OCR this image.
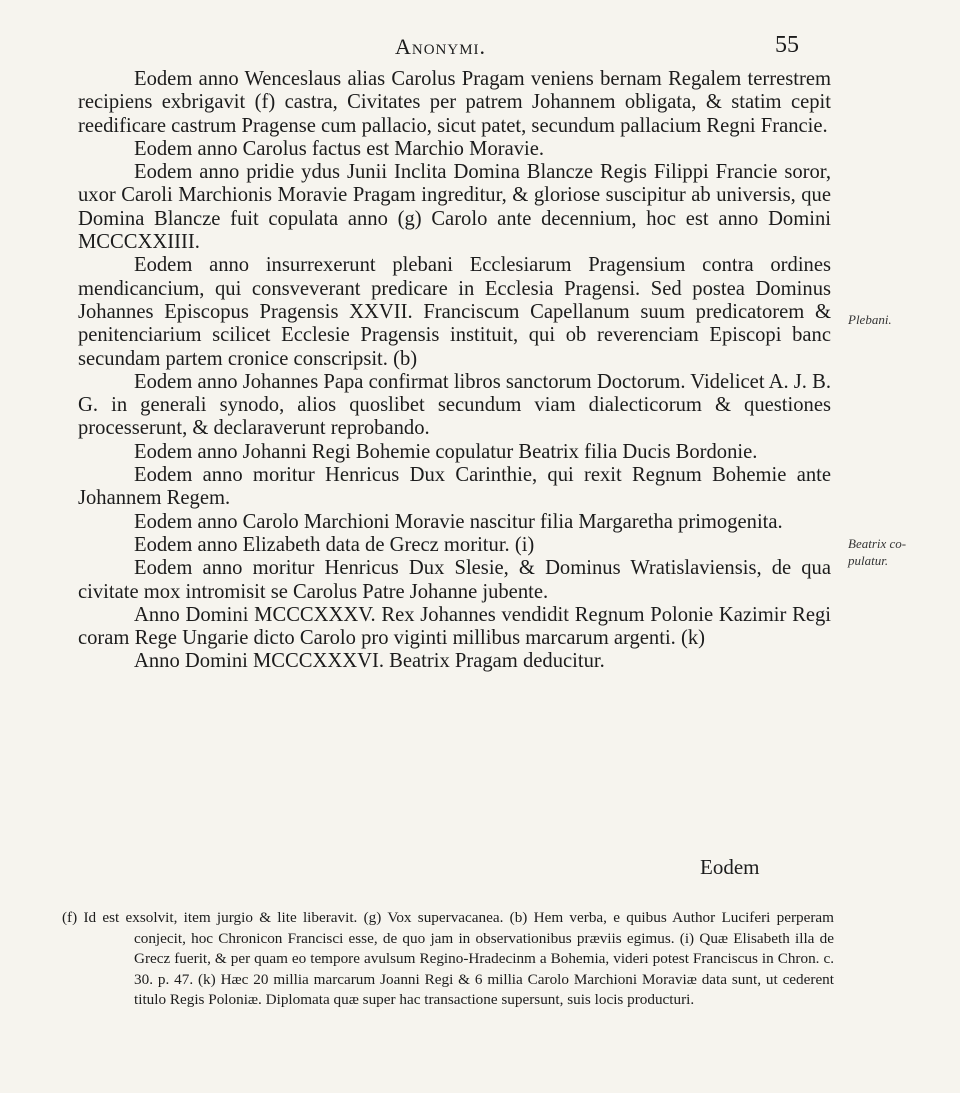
Anonymi.	55

Eodem anno Wenceslaus alias Carolus Pragam veniens bernam Regalem terrestrem recipiens exbrigavit (f) castra, Civitates per patrem Johannem obligata, & statim cepit reedificare castrum Pragense cum pallacio, sicut patet, secundum pallacium Regni Francie.

Eodem anno Carolus factus est Marchio Moravie.

Eodem anno pridie ydus Junii Inclita Domina Blancze Regis Filippi Francie soror, uxor Caroli Marchionis Moravie Pragam ingreditur, & gloriose suscipitur ab universis, que Domina Blancze fuit copulata anno (g) Carolo ante decennium, hoc est anno Domini MCCCXXIIII.

Eodem anno insurrexerunt plebani Ecclesiarum Pragensium contra ordines mendicancium, qui consveverant predicare in Ecclesia Pragensi. Sed postea Dominus Johannes Episcopus Pragensis XXVII. Franciscum Capellanum suum predicatorem & penitenciarium scilicet Ecclesie Pragensis instituit, qui ob reverenciam Episcopi banc secundam partem cronice conscripsit. (b)

Eodem anno Johannes Papa confirmat libros sanctorum Doctorum. Videlicet A. J. B. G. in generali synodo, alios quoslibet secundum viam dialecticorum & questiones processerunt, & declaraverunt reprobando.

Eodem anno Johanni Regi Bohemie copulatur Beatrix filia Ducis Bordonie.

Eodem anno moritur Henricus Dux Carinthie, qui rexit Regnum Bohemie ante Johannem Regem.

Eodem anno Carolo Marchioni Moravie nascitur filia Margaretha primogenita.

Eodem anno Elizabeth data de Grecz moritur. (i)

Eodem anno moritur Henricus Dux Slesie, & Dominus Wratislaviensis, de qua civitate mox intromisit se Carolus Patre Johanne jubente.

Anno Domini MCCCXXXV. Rex Johannes vendidit Regnum Polonie Kazimir Regi coram Rege Ungarie dicto Carolo pro viginti millibus marcarum argenti. (k)

Anno Domini MCCCXXXVI. Beatrix Pragam deducitur.

Eodem
Plebani.
Beatrix co-
pulatur.

(f) Id est exsolvit, item jurgio & lite liberavit. (g) Vox supervacanea. (b) Hem verba, e quibus Author Luciferi perperam conjecit, hoc Chronicon Francisci esse, de quo jam in observationibus præviis egimus. (i) Quæ Elisabeth illa de Grecz fuerit, & per quam eo tempore avulsum Regino-Hradecinm a Bohemia, videri potest Franciscus in Chron. c. 30. p. 47. (k) Hæc 20 millia marcarum Joanni Regi & 6 millia Carolo Marchioni Moraviæ data sunt, ut cederent titulo Regis Poloniæ. Diplomata quæ super hac transactione supersunt, suis locis producturi.
